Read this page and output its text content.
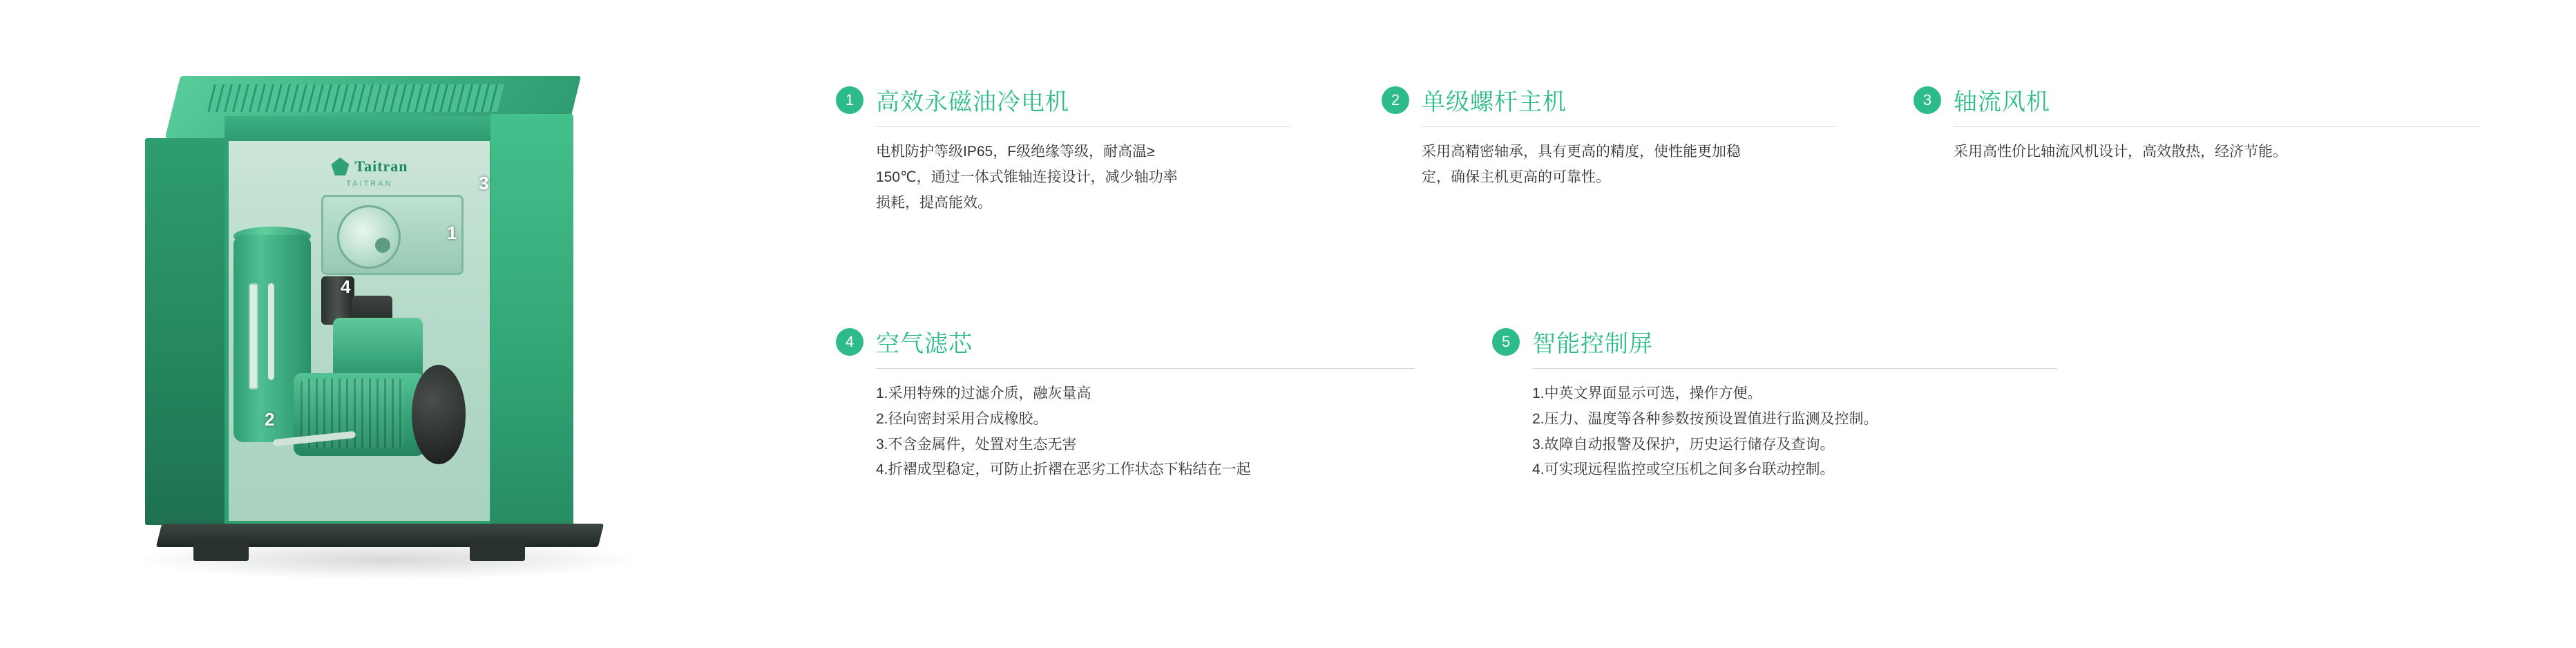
Taitran
TAITRAN
1
2
3
4
1 高效永磁油冷电机
电机防护等级IP65，F级绝缘等级，耐高温≥
150℃，通过一体式锥轴连接设计，减少轴功率
损耗，提高能效。
2 单级螺杆主机
采用高精密轴承，具有更高的精度，使性能更加稳
定，确保主机更高的可靠性。
3 轴流风机
采用高性价比轴流风机设计，高效散热，经济节能。
4 空气滤芯
1.采用特殊的过滤介质，融灰量高
2.径向密封采用合成橡胶。
3.不含金属件，处置对生态无害
4.折褶成型稳定，可防止折褶在恶劣工作状态下粘结在一起
5 智能控制屏
1.中英文界面显示可选，操作方便。
2.压力、温度等各种参数按预设置值进行监测及控制。
3.故障自动报警及保护，历史运行储存及查询。
4.可实现远程监控或空压机之间多台联动控制。
